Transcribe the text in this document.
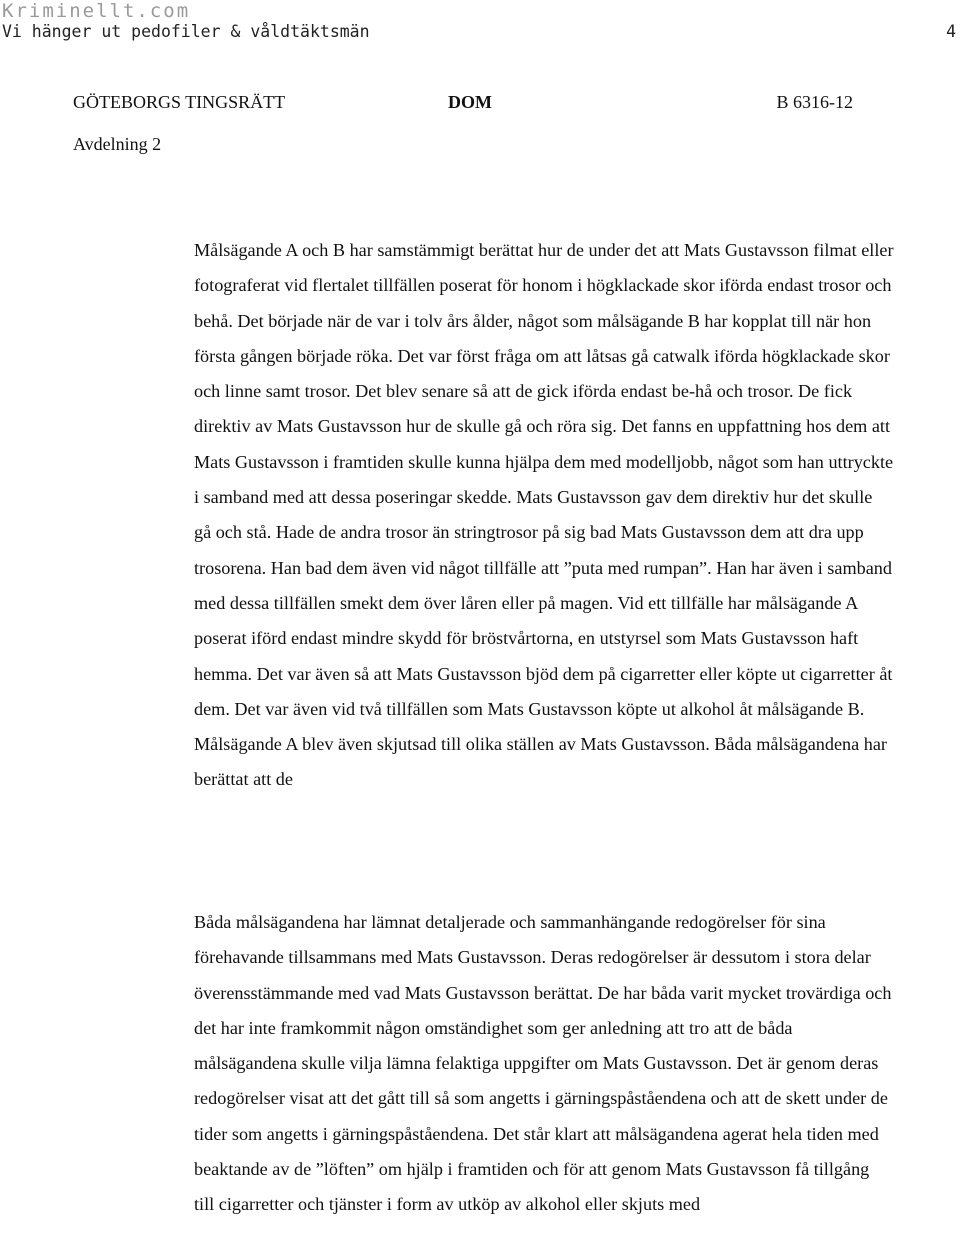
Kriminellt.com
Vi hänger ut pedofiler & våldtäktsmän	4
GÖTEBORGS TINGSRÄTT	DOM	B 6316-12
Avdelning 2

Målsägande A och B har samstämmigt berättat hur de under det att Mats Gustavsson filmat eller fotograferat vid flertalet tillfällen poserat för honom i högklackade skor iförda endast trosor och behå. Det började när de var i tolv års ålder, något som målsägande B har kopplat till när hon första gången började röka. Det var först fråga om att låtsas gå catwalk iförda högklackade skor och linne samt trosor. Det blev senare så att de gick iförda endast be-hå och trosor. De fick direktiv av Mats Gustavsson hur de skulle gå och röra sig. Det fanns en uppfattning hos dem att Mats Gustavsson i framtiden skulle kunna hjälpa dem med modelljobb, något som han uttryckte i samband med att dessa poseringar skedde. Mats Gustavsson gav dem direktiv hur det skulle gå och stå. Hade de andra trosor än stringtrosor på sig bad Mats Gustavsson dem att dra upp trosorena. Han bad dem även vid något tillfälle att ”puta med rumpan”. Han har även i samband med dessa tillfällen smekt dem över låren eller på magen. Vid ett tillfälle har målsägande A poserat iförd endast mindre skydd för bröstvårtorna, en utstyrsel som Mats Gustavsson haft hemma. Det var även så att Mats Gustavsson bjöd dem på cigarretter eller köpte ut cigarretter åt dem. Det var även vid två tillfällen som Mats Gustavsson köpte ut alkohol åt målsägande B. Målsägande A blev även skjutsad till olika ställen av Mats Gustavsson. Båda målsägandena har berättat att de

Båda målsägandena har lämnat detaljerade och sammanhängande redogörelser för sina förehavande tillsammans med Mats Gustavsson. Deras redogörelser är dessutom i stora delar överensstämmande med vad Mats Gustavsson berättat. De har båda varit mycket trovärdiga och det har inte framkommit någon omständighet som ger anledning att tro att de båda målsägandena skulle vilja lämna felaktiga uppgifter om Mats Gustavsson. Det är genom deras redogörelser visat att det gått till så som angetts i gärningspåståendena och att de skett under de tider som angetts i gärningspåståendena. Det står klart att målsägandena agerat hela tiden med beaktande av de ”löften” om hjälp i framtiden och för att genom Mats Gustavsson få tillgång till cigarretter och tjänster i form av utköp av alkohol eller skjuts med
